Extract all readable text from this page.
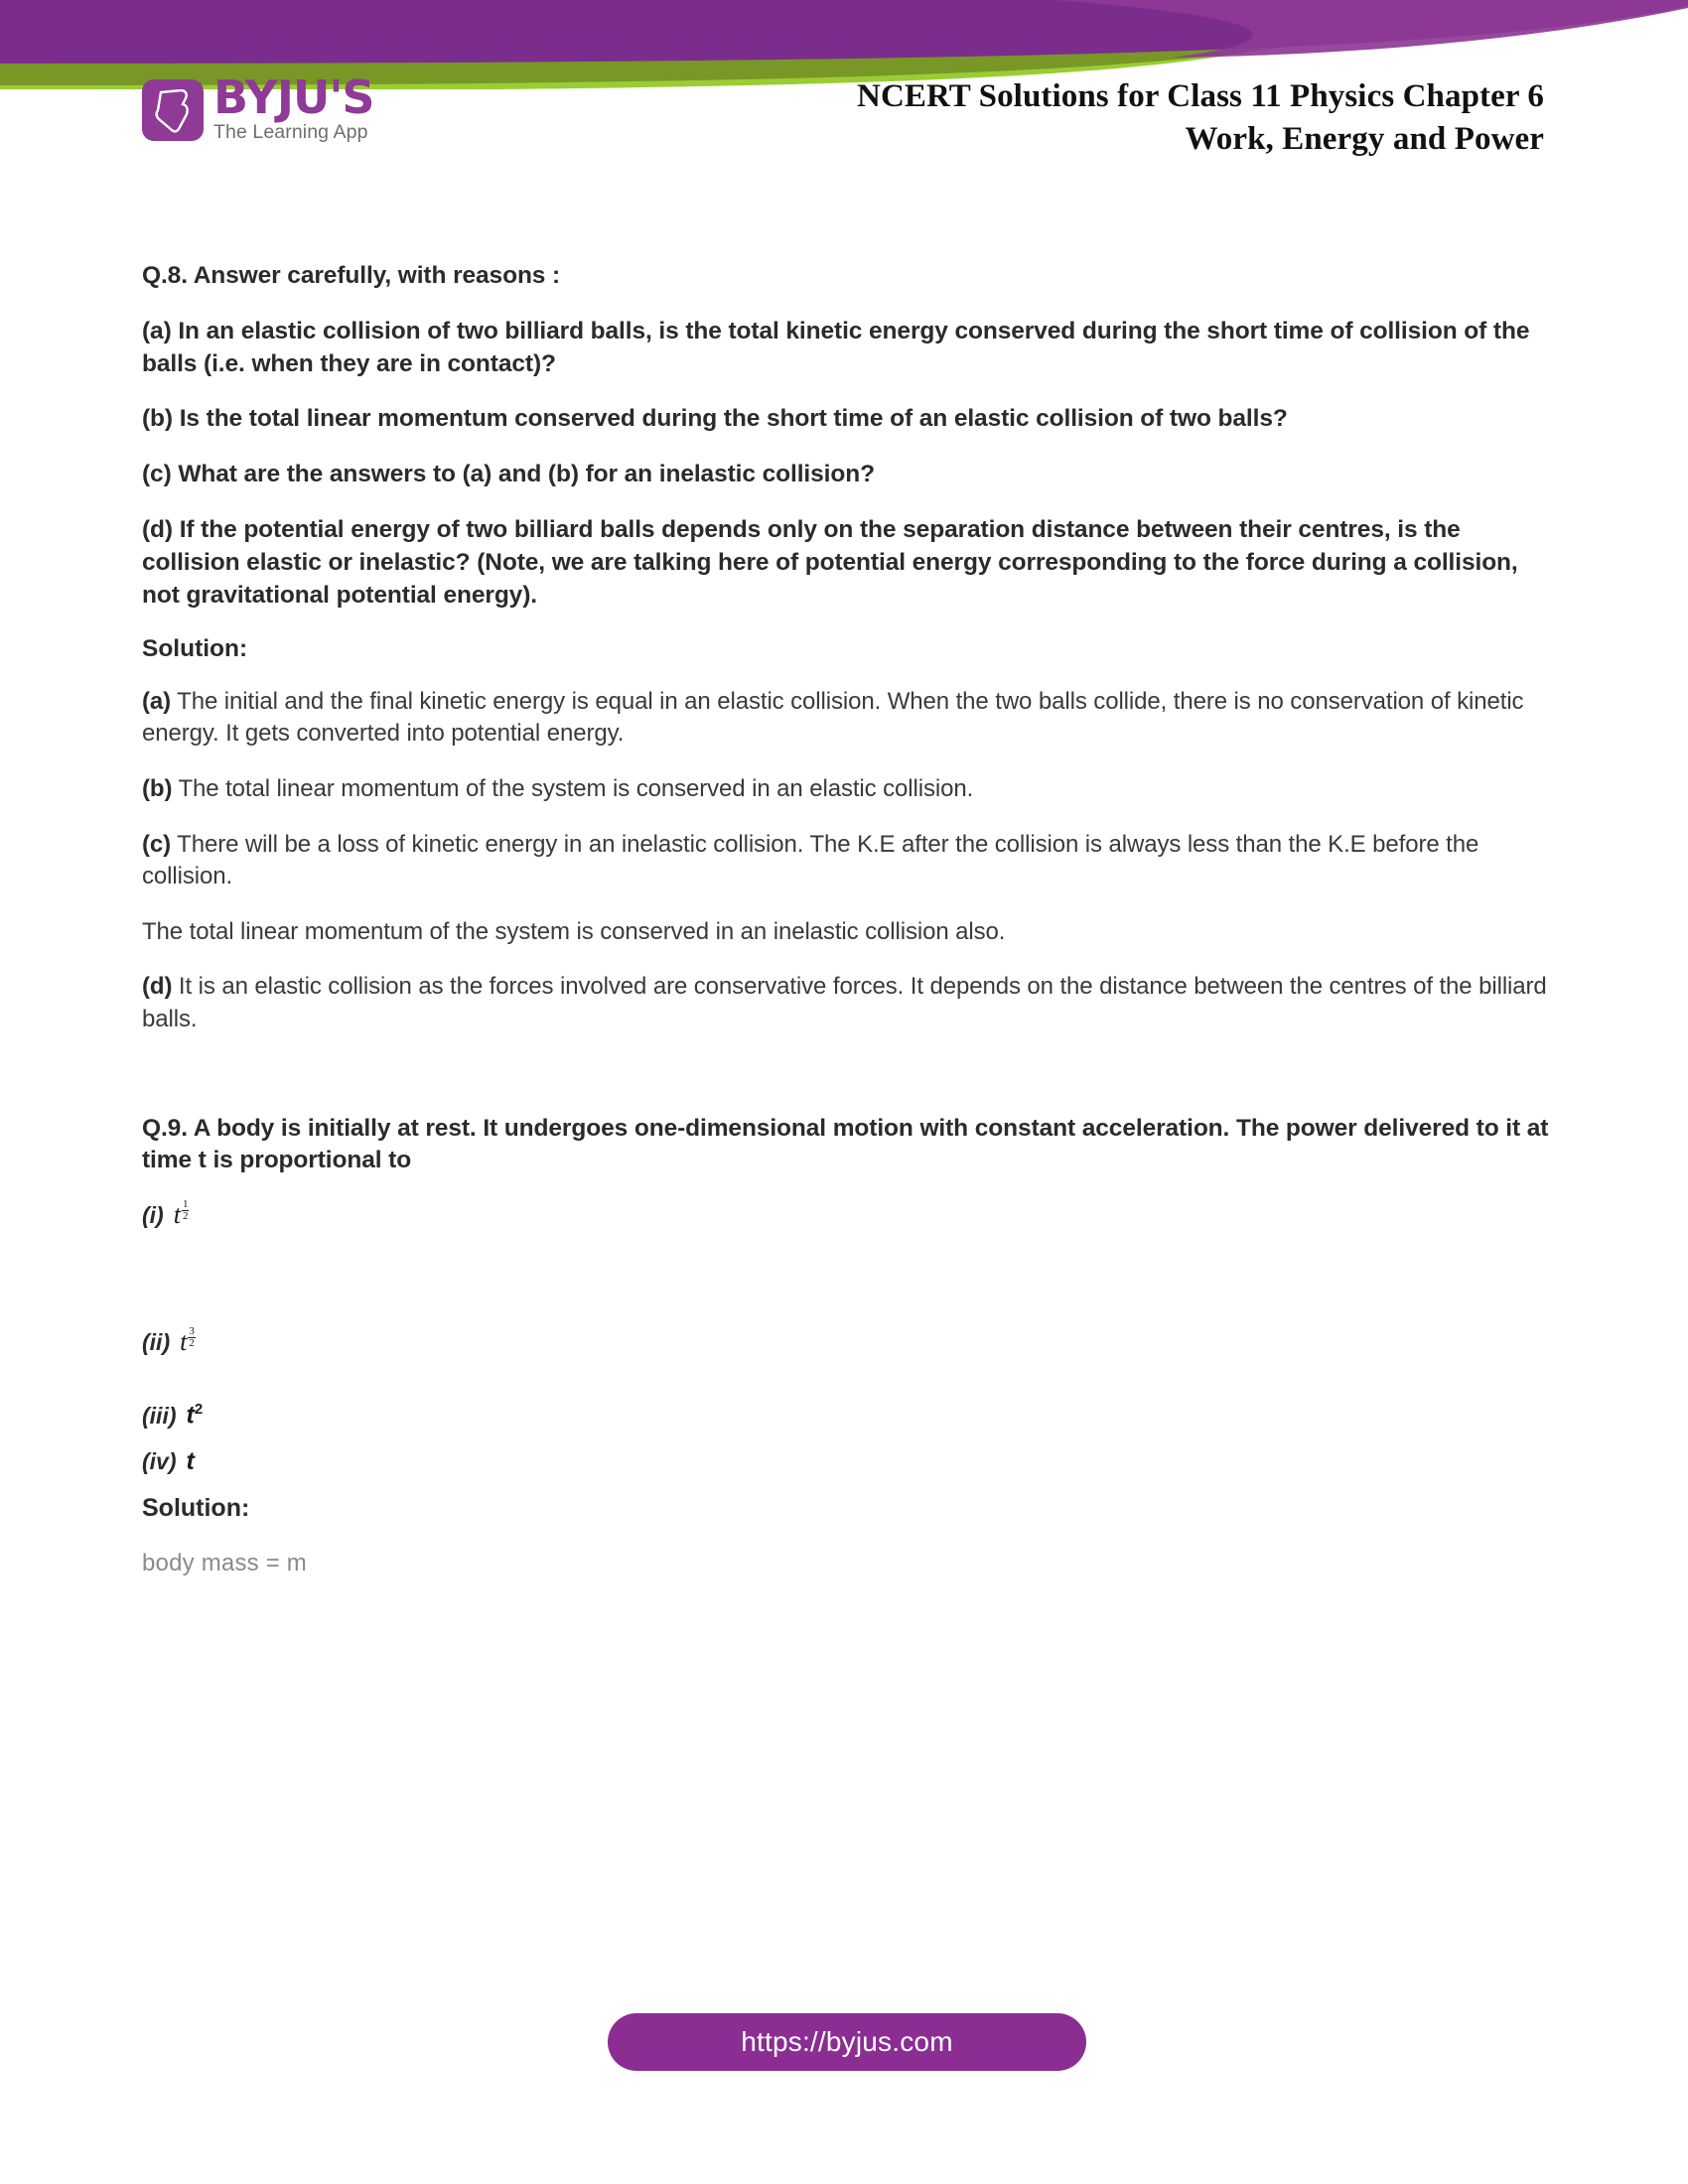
BYJU'S
The Learning App
NCERT Solutions for Class 11 Physics Chapter 6
Work, Energy and Power

Q.8. Answer carefully, with reasons :

(a) In an elastic collision of two billiard balls, is the total kinetic energy conserved during the short time of collision of the balls (i.e. when they are in contact)?

(b) Is the total linear momentum conserved during the short time of an elastic collision of two balls?

(c) What are the answers to (a) and (b) for an inelastic collision?

(d) If the potential energy of two billiard balls depends only on the separation distance between their centres, is the collision elastic or inelastic? (Note, we are talking here of potential energy corresponding to the force during a collision, not gravitational potential energy).

Solution:

(a) The initial and the final kinetic energy is equal in an elastic collision. When the two balls collide, there is no conservation of kinetic energy. It gets converted into potential energy.

(b) The total linear momentum of the system is conserved in an elastic collision.

(c) There will be a loss of kinetic energy in an inelastic collision. The K.E after the collision is always less than the K.E before the collision.

The total linear momentum of the system is conserved in an inelastic collision also.

(d) It is an elastic collision as the forces involved are conservative forces. It depends on the distance between the centres of the billiard balls.

Q.9. A body is initially at rest. It undergoes one-dimensional motion with constant acceleration. The power delivered to it at time t is proportional to

(i) t $\frac{1}{2}$
(ii) t $\frac{3}{2}$
(iii) $t^2$
(iv) t

Solution:

body mass = m

https://byjus.com
